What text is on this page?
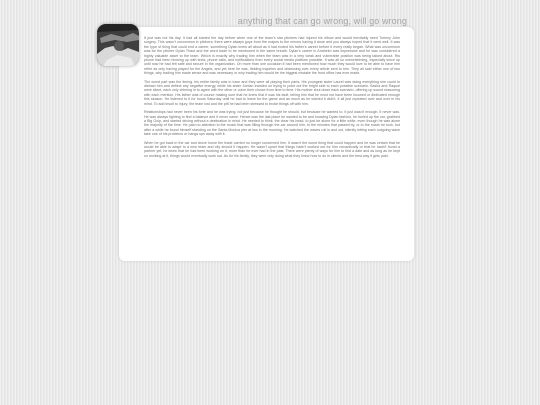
anything that can go wrong, will go wrong

It just was not his day. It had all started the day before when one of the team's star pitchers had injured his elbow and would inevitably need Tommy John surgery. This wasn't uncommon in pitchers; there were always guys from the majors to the minors having it done and you always hoped that it went well. It was the type of thing that could end a career, something Dylan knew all about as it had ended his father's career before it every really began. What was uncommon was for the pitcher Dylan Thaut and the word trade to be mentioned in the same breath. Dylan's career in Anaheim was impressive and he was considered a highly valuable asset to the team. Which is exactly why trading him when the team was in a very weak and vulnerable position was being talked about. His phone had been blowing up with texts, phone calls, and notifications from every social media platform possible. It was all so overwhelming, especially since up until now he had felt safe and secure in the organization. On more than one occasion it had been mentioned how much they would love to be able to have him retire as only having played for the Angels, and yet here he was, fielding inquiries and obsessing over every article sent to him. They all said either one of two things, why trading him made sense and was necessary or why trading him would be the biggest mistake the front office has ever made.

The worst part was the timing. his entire family was in town and they were all playing their parts. His youngest sister Laurel was doing everything she could to distract him and deflect any negative energy, while his sister Jordan insisted on trying to point out the bright side to each possible scenario. Sasha and Raquel were silent, each only chiming in to agree with the other or voice their choice from time to time. His mother shut down each scenario, offering up sound reasoning with each mention. His father was of course making sure that he knew that it was his fault, telling him that he must not have been focused or dedicated enough this season. He listened to it for hours Saturday until he had to leave for the game and as much as he wished it didn't, it all just repeated over and over in his mind. To add insult to injury, the team lost and the pitt he had been stressed to broke things off with him.

Relationships had never been his forte and he was trying, not just because he thought he should, but because he wanted to. It just wasn't enough. It never was. He was always fighting to find a balance and it never came. Hence was the last place he wanted to be and knowing Dylan fashion, he fueled up the car, grabbed a Big Gulp, and started driving without a destination in mind. He needed to think, the clear his head, to just be alone for a little while, even though he was alone the majority of the time. He paid no attention to the music that was filling through the car around him, to the minutes that passed by, or to the roads he took, but after a while he found himself standing on the Santa Monica pier at two in the morning. He watched the waves roll in and out, silently letting each outgoing wave take one of his problems or hangs ups away with it.

When he got back in the car and drove home the trade carried no longer concerned him. It wasn't the worst thing that could happen and he was certain that he would be able to adapt to a new team and city should it happen. He wasn't upset that things hadn't worked out for him romantically or that he hadn't found a partner yet, he knew that he had been working on it, more than he ever had in the past. There were plenty of ways for him to find a date and as long as he kept on working at it, things would eventually work out. As for his family, they were only doing what they knew how to do in clients and the best way it gets paid.
